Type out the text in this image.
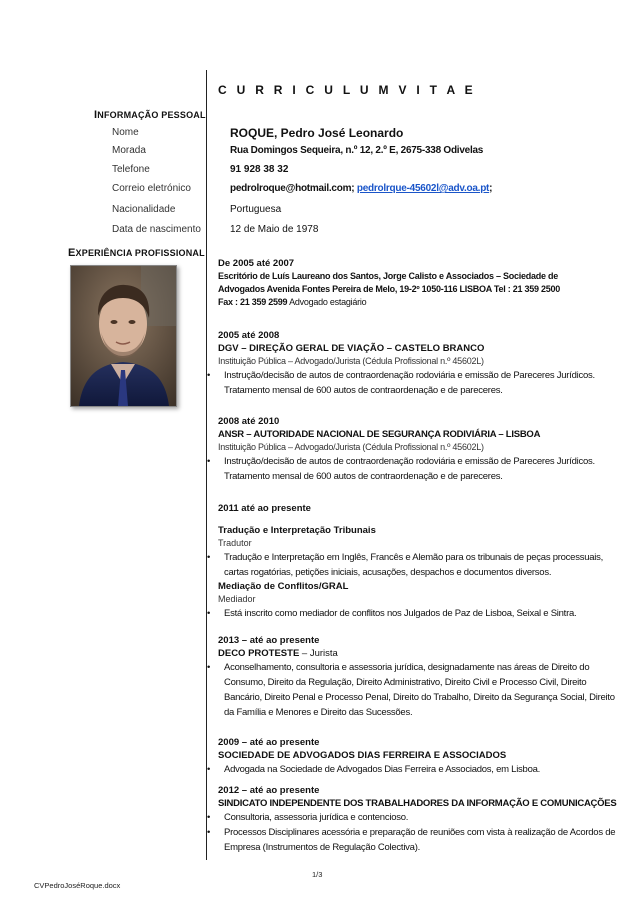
C U R R I C U L U M V I T A E
INFORMAÇÃO PESSOAL
Nome	ROQUE, Pedro José Leonardo
Morada	Rua Domingos Sequeira, n.º 12, 2.º E, 2675-338 Odivelas
Telefone	91 928 38 32
Correio eletrónico	pedrolroque@hotmail.com; pedrolrque-45602l@adv.oa.pt;
Nacionalidade	Portuguesa
Data de nascimento	12 de Maio de 1978
EXPERIÊNCIA PROFISSIONAL
De 2005 até 2007
Escritório de Luís Laureano dos Santos, Jorge Calisto e Associados – Sociedade de
Advogados Avenida Fontes Pereira de Melo, 19-2º 1050-116 LISBOA Tel : 21 359 2500
Fax : 21 359 2599 Advogado estagiário
2005 até 2008
DGV – DIREÇÃO GERAL DE VIAÇÃO – CASTELO BRANCO
Instituição Pública – Advogado/Jurista (Cédula Profissional n.º 45602L)
• Instrução/decisão de autos de contraordenação rodoviária e emissão de Pareceres Jurídicos. Tratamento mensal de 600 autos de contraordenação e de pareceres.
2008 até 2010
ANSR – AUTORIDADE NACIONAL DE SEGURANÇA RODIVIÁRIA – LISBOA
Instituição Pública – Advogado/Jurista (Cédula Profissional n.º 45602L)
• Instrução/decisão de autos de contraordenação rodoviária e emissão de Pareceres Jurídicos. Tratamento mensal de 600 autos de contraordenação e de pareceres.
2011 até ao presente
Tradução e Interpretação Tribunais
Tradutor
• Tradução e Interpretação em Inglês, Francês e Alemão para os tribunais de peças processuais, cartas rogatórias, petições iniciais, acusações, despachos e documentos diversos.
Mediação de Conflitos/GRAL
Mediador
• Está inscrito como mediador de conflitos nos Julgados de Paz de Lisboa, Seixal e Sintra.
2013 – até ao presente
DECO PROTESTE – Jurista
• Aconselhamento, consultoria e assessoria jurídica, designadamente nas áreas de Direito do Consumo, Direito da Regulação, Direito Administrativo, Direito Civil e Processo Civil, Direito Bancário, Direito Penal e Processo Penal, Direito do Trabalho, Direito da Segurança Social, Direito da Família e Menores e Direito das Sucessões.
2009 – até ao presente
SOCIEDADE DE ADVOGADOS DIAS FERREIRA E ASSOCIADOS
• Advogada na Sociedade de Advogados Dias Ferreira e Associados, em Lisboa.
2012 – até ao presente
SINDICATO INDEPENDENTE DOS TRABALHADORES DA INFORMAÇÃO E COMUNICAÇÕES
• Consultoria, assessoria jurídica e contencioso.
• Processos Disciplinares acessória e preparação de reuniões com vista à realização de Acordos de Empresa (Instrumentos de Regulação Colectiva).
1/3
CVPedroJoséRoque.docx
